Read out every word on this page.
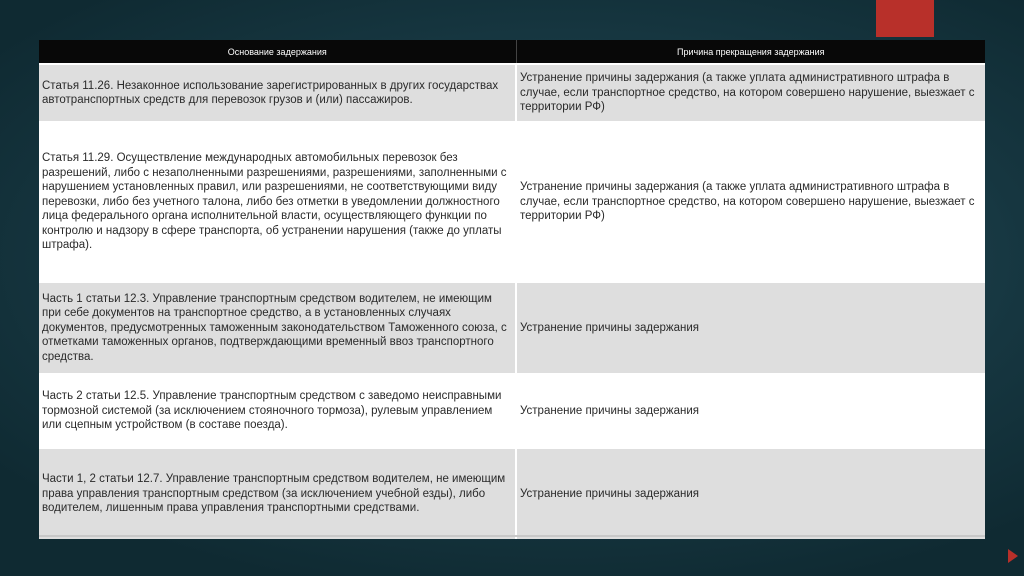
Основание задержания	Причина прекращения задержания
Статья 11.26. Незаконное использование зарегистрированных в других государствах автотранспортных средств для перевозок грузов и (или) пассажиров.	Устранение причины задержания (а также уплата административного штрафа в случае, если транспортное средство, на котором совершено нарушение, выезжает с территории РФ)
Статья 11.29. Осуществление международных автомобильных перевозок без разрешений, либо с незаполненными разрешениями, разрешениями, заполненными с нарушением установленных правил, или разрешениями, не соответствующими виду перевозки, либо без учетного талона, либо без отметки в уведомлении должностного лица федерального органа исполнительной власти, осуществляющего функции по контролю и надзору в сфере транспорта, об устранении нарушения (также до уплаты штрафа).	Устранение причины задержания (а также уплата административного штрафа в случае, если транспортное средство, на котором совершено нарушение, выезжает с территории РФ)
Часть 1 статьи 12.3. Управление транспортным средством водителем, не имеющим при себе документов на транспортное средство, а в установленных случаях документов, предусмотренных таможенным законодательством Таможенного союза, с отметками таможенных органов, подтверждающими временный ввоз транспортного средства.	Устранение причины задержания
Часть 2 статьи 12.5. Управление транспортным средством с заведомо неисправными тормозной системой (за исключением стояночного тормоза), рулевым управлением или сцепным устройством (в составе поезда).	Устранение причины задержания
Части 1, 2 статьи 12.7. Управление транспортным средством водителем, не имеющим права управления транспортным средством (за исключением учебной езды), либо водителем, лишенным права управления транспортными средствами.	Устранение причины задержания
